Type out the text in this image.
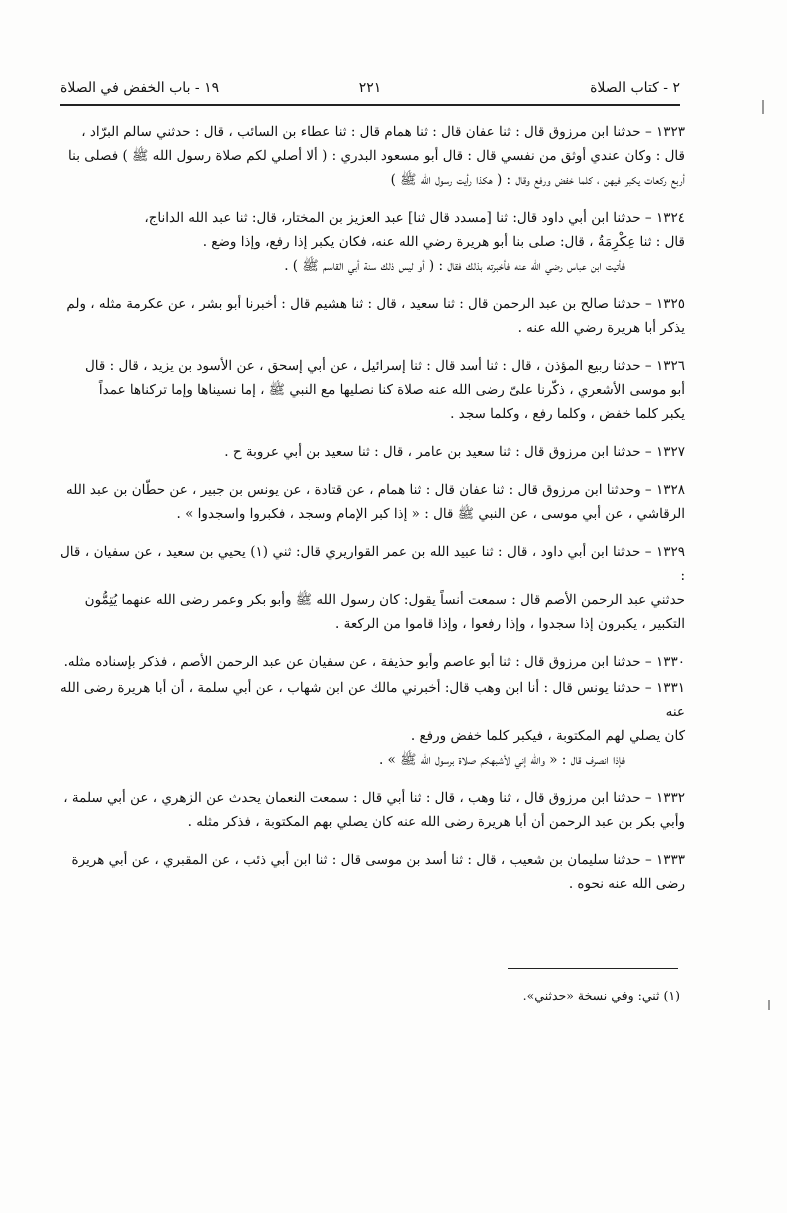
٢ - كتاب الصلاة
٢٢١
١٩ - باب الخفض في الصلاة

١٣٢٣ – حدثنا ابن مرزوق قال : ثنا عفان قال : ثنا همام قال : ثنا عطاء بن السائب ، قال : حدثني سالم البرّاد ،

قال : وكان عندي أوثق من نفسي قال : قال أبو مسعود البدري : ( ألا أصلي لكم صلاة رسول الله ﷺ ) فصلى بنا

أربع ركعات يكبر فيهن ، كلما خفض ورفع وقال : ( هكذا رأيت رسول الله ﷺ )

١٣٢٤ – حدثنا ابن أبي داود قال: ثنا [مسدد قال ثنا] عبد العزيز بن المختار، قال: ثنا عبد الله الداناج،

قال : ثنا عِكْرِمَةُ ، قال: صلى بنا أبو هريرة رضي الله عنه، فكان يكبر إذا رفع، وإذا وضع .

فأتيت ابن عباس رضي الله عنه فأخبرته بذلك فقال : ( أو ليس ذلك سنة أبي القاسم ﷺ ) .

١٣٢٥ – حدثنا صالح بن عبد الرحمن قال : ثنا سعيد ، قال : ثنا هشيم قال : أخبرنا أبو بشر ، عن عكرمة مثله ، ولم

يذكر أبا هريرة رضي الله عنه .

١٣٢٦ – حدثنا ربيع المؤذن ، قال : ثنا أسد قال : ثنا إسرائيل ، عن أبي إسحق ، عن الأسود بن يزيد ، قال : قال

أبو موسى الأشعري ، ذكّرنا علىّ رضى الله عنه صلاة كنا نصليها مع النبي ﷺ ، إما نسيناها وإما تركناها عمداً

يكبر كلما خفض ، وكلما رفع ، وكلما سجد .

١٣٢٧ – حدثنا ابن مرزوق قال : ثنا سعيد بن عامر ، قال : ثنا سعيد بن أبي عروبة ح .

١٣٢٨ – وحدثنا ابن مرزوق قال : ثنا عفان قال : ثنا همام ، عن قتادة ، عن يونس بن جبير ، عن حطّان بن عبد الله

الرقاشي ، عن أبي موسى ، عن النبي ﷺ قال : « إذا كبر الإمام وسجد ، فكبروا واسجدوا » .

١٣٢٩ – حدثنا ابن أبي داود ، قال : ثنا عبيد الله بن عمر القواريري قال: ثني (١) يحيي بن سعيد ، عن سفيان ، قال :

حدثني عبد الرحمن الأصم قال : سمعت أنساً يقول: كان رسول الله ﷺ وأبو بكر وعمر رضى الله عنهما يُتِمُّون

التكبير ، يكبرون إذا سجدوا ، وإذا رفعوا ، وإذا قاموا من الركعة .

١٣٣٠ – حدثنا ابن مرزوق قال : ثنا أبو عاصم وأبو حذيفة ، عن سفيان عن عبد الرحمن الأصم ، فذكر بإسناده مثله.

١٣٣١ – حدثنا يونس قال : أنا ابن وهب قال: أخبرني مالك عن ابن شهاب ، عن أبي سلمة ، أن أبا هريرة رضى الله عنه

كان يصلي لهم المكتوبة ، فيكبر كلما خفض ورفع .

فإذا انصرف قال : « والله إني لأشبهكم صلاة برسول الله ﷺ » .

١٣٣٢ – حدثنا ابن مرزوق قال ، ثنا وهب ، قال : ثنا أبي قال : سمعت النعمان يحدث عن الزهري ، عن أبي سلمة ،

وأبي بكر بن عبد الرحمن أن أبا هريرة رضى الله عنه كان يصلي بهم المكتوبة ، فذكر مثله .

١٣٣٣ – حدثنا سليمان بن شعيب ، قال : ثنا أسد بن موسى قال : ثنا ابن أبي ذئب ، عن المقبري ، عن أبي هريرة

رضى الله عنه نحوه .

(١) ثني: وفي نسخة «حدثني».
